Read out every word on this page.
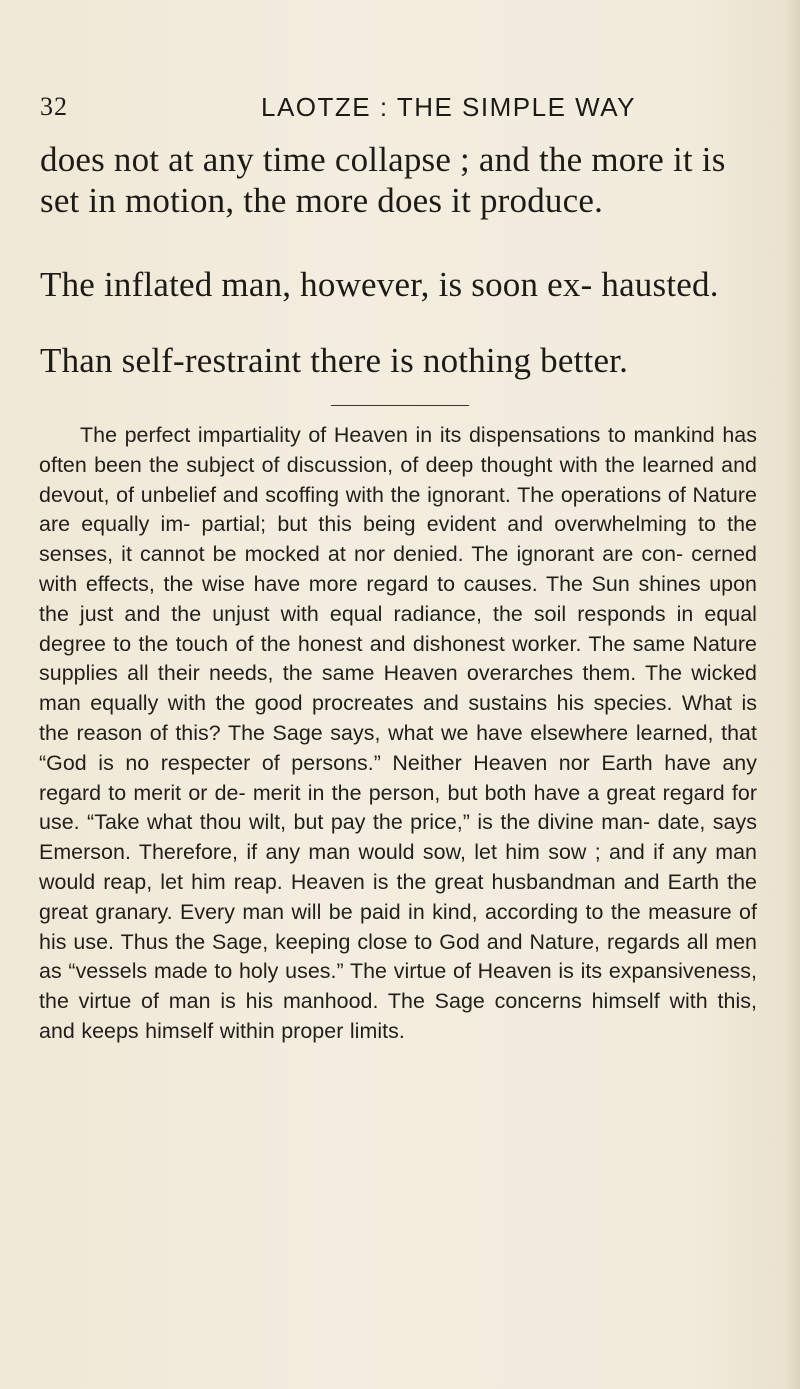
32	LAOTZE : THE SIMPLE WAY
does not at any time collapse ; and the more it is set in motion, the more does it produce.
The inflated man, however, is soon ex- hausted.
Than self-restraint there is nothing better.

The perfect impartiality of Heaven in its dispensations to mankind has often been the subject of discussion, of deep thought with the learned and devout, of unbelief and scoffing with the ignorant. The operations of Nature are equally im- partial; but this being evident and overwhelming to the senses, it cannot be mocked at nor denied. The ignorant are con- cerned with effects, the wise have more regard to causes. The Sun shines upon the just and the unjust with equal radiance, the soil responds in equal degree to the touch of the honest and dishonest worker. The same Nature supplies all their needs, the same Heaven overarches them. The wicked man equally with the good procreates and sustains his species. What is the reason of this? The Sage says, what we have elsewhere learned, that “God is no respecter of persons.” Neither Heaven nor Earth have any regard to merit or de- merit in the person, but both have a great regard for use. “Take what thou wilt, but pay the price,” is the divine man- date, says Emerson. Therefore, if any man would sow, let him sow ; and if any man would reap, let him reap. Heaven is the great husbandman and Earth the great granary. Every man will be paid in kind, according to the measure of his use. Thus the Sage, keeping close to God and Nature, regards all men as “vessels made to holy uses.” The virtue of Heaven is its expansiveness, the virtue of man is his manhood. The Sage concerns himself with this, and keeps himself within proper limits.
